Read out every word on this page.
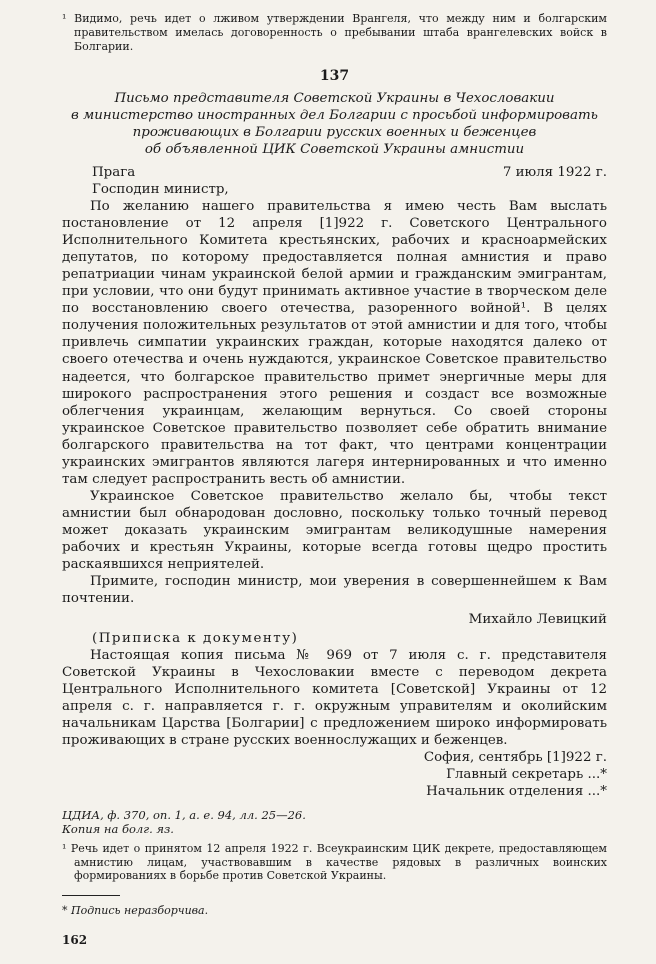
¹ Видимо, речь идет о лживом утверждении Врангеля, что между ним и болгарским правительством имелась договоренность о пребывании штаба врангелевских войск в Болгарии.

137
Письмо представителя Советской Украины в Чехословакии
в министерство иностранных дел Болгарии с просьбой информировать
проживающих в Болгарии русских военных и беженцев
об объявленной ЦИК Советской Украины амнистии
Прага	7 июля 1922 г.

Господин министр,

По желанию нашего правительства я имею честь Вам выслать постановление от 12 апреля [1]922 г. Советского Центрального Исполнительного Комитета крестьянских, рабочих и красноармейских депутатов, по которому предоставляется полная амнистия и право репатриации чинам украинской белой армии и гражданским эмигрантам, при условии, что они будут принимать активное участие в творческом деле по восстановлению своего отечества, разоренного войной¹. В целях получения положительных результатов от этой амнистии и для того, чтобы привлечь симпатии украинских граждан, которые находятся далеко от своего отечества и очень нуждаются, украинское Советское правительство надеется, что болгарское правительство примет энергичные меры для широкого распространения этого решения и создаст все возможные облегчения украинцам, желающим вернуться. Со своей стороны украинское Советское правительство позволяет себе обратить внимание болгарского правительства на тот факт, что центрами концентрации украинских эмигрантов являются лагеря интернированных и что именно там следует распространить весть об амнистии.

Украинское Советское правительство желало бы, чтобы текст амнистии был обнародован дословно, поскольку только точный перевод может доказать украинским эмигрантам великодушные намерения рабочих и крестьян Украины, которые всегда готовы щедро простить раскаявшихся неприятелей.

Примите, господин министр, мои уверения в совершеннейшем к Вам почтении.

Михайло Левицкий
(Приписка к документу)

Настоящая копия письма № 969 от 7 июля с. г. представителя Советской Украины в Чехословакии вместе с переводом декрета Центрального Исполнительного комитета [Советской] Украины от 12 апреля с. г. направляется г. г. окружным управителям и околийским начальникам Царства [Болгарии] с предложением широко информировать проживающих в стране русских военнослужащих и беженцев.

София, сентябрь [1]922 г.
Главный секретарь ...*
Начальник отделения ...*
ЦДИА, ф. 370, оп. 1, а. е. 94, лл. 25—26.
Копия на болг. яз.

¹ Речь идет о принятом 12 апреля 1922 г. Всеукраинским ЦИК декрете, предоставляющем амнистию лицам, участвовавшим в качестве рядовых в различных воинских формированиях в борьбе против Советской Украины.

* Подпись неразборчива.
162
